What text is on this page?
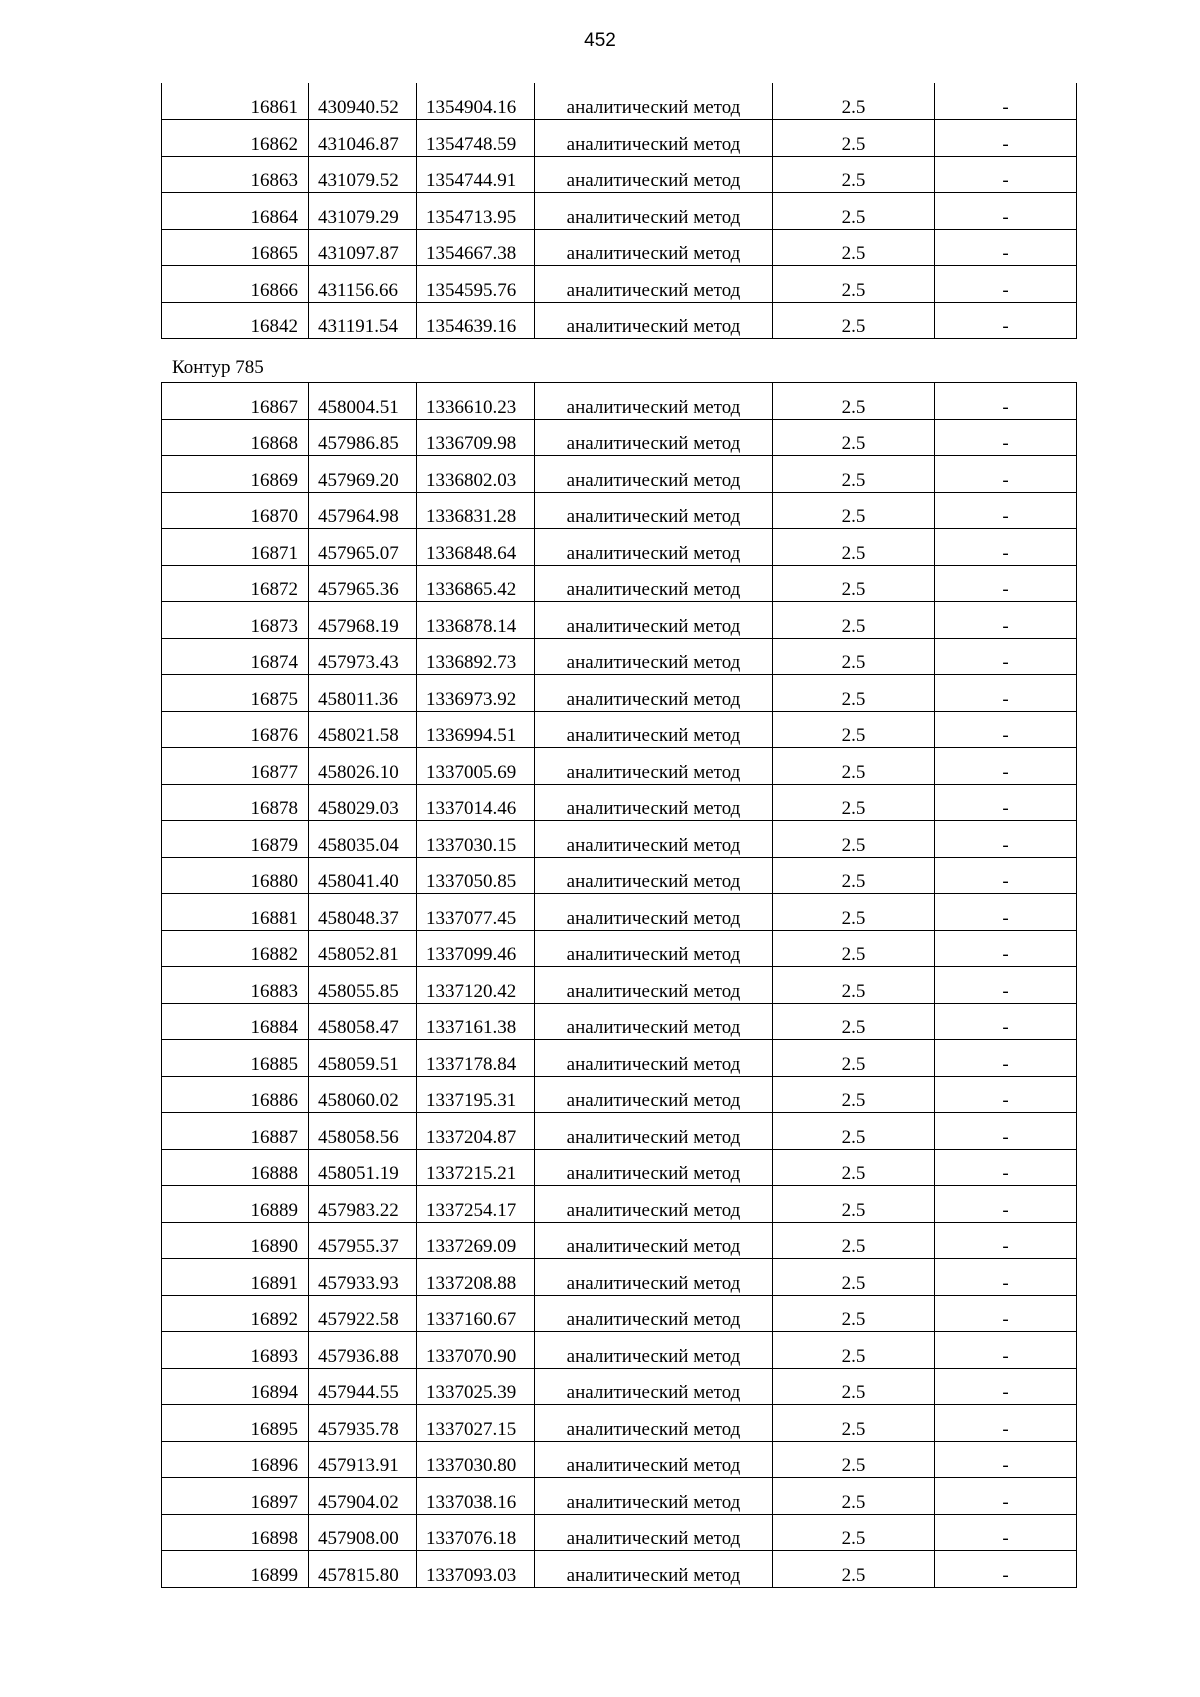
452
16861	430940.52	1354904.16	аналитический метод	2.5	-
16862	431046.87	1354748.59	аналитический метод	2.5	-
16863	431079.52	1354744.91	аналитический метод	2.5	-
16864	431079.29	1354713.95	аналитический метод	2.5	-
16865	431097.87	1354667.38	аналитический метод	2.5	-
16866	431156.66	1354595.76	аналитический метод	2.5	-
16842	431191.54	1354639.16	аналитический метод	2.5	-
Контур 785
16867	458004.51	1336610.23	аналитический метод	2.5	-
16868	457986.85	1336709.98	аналитический метод	2.5	-
16869	457969.20	1336802.03	аналитический метод	2.5	-
16870	457964.98	1336831.28	аналитический метод	2.5	-
16871	457965.07	1336848.64	аналитический метод	2.5	-
16872	457965.36	1336865.42	аналитический метод	2.5	-
16873	457968.19	1336878.14	аналитический метод	2.5	-
16874	457973.43	1336892.73	аналитический метод	2.5	-
16875	458011.36	1336973.92	аналитический метод	2.5	-
16876	458021.58	1336994.51	аналитический метод	2.5	-
16877	458026.10	1337005.69	аналитический метод	2.5	-
16878	458029.03	1337014.46	аналитический метод	2.5	-
16879	458035.04	1337030.15	аналитический метод	2.5	-
16880	458041.40	1337050.85	аналитический метод	2.5	-
16881	458048.37	1337077.45	аналитический метод	2.5	-
16882	458052.81	1337099.46	аналитический метод	2.5	-
16883	458055.85	1337120.42	аналитический метод	2.5	-
16884	458058.47	1337161.38	аналитический метод	2.5	-
16885	458059.51	1337178.84	аналитический метод	2.5	-
16886	458060.02	1337195.31	аналитический метод	2.5	-
16887	458058.56	1337204.87	аналитический метод	2.5	-
16888	458051.19	1337215.21	аналитический метод	2.5	-
16889	457983.22	1337254.17	аналитический метод	2.5	-
16890	457955.37	1337269.09	аналитический метод	2.5	-
16891	457933.93	1337208.88	аналитический метод	2.5	-
16892	457922.58	1337160.67	аналитический метод	2.5	-
16893	457936.88	1337070.90	аналитический метод	2.5	-
16894	457944.55	1337025.39	аналитический метод	2.5	-
16895	457935.78	1337027.15	аналитический метод	2.5	-
16896	457913.91	1337030.80	аналитический метод	2.5	-
16897	457904.02	1337038.16	аналитический метод	2.5	-
16898	457908.00	1337076.18	аналитический метод	2.5	-
16899	457815.80	1337093.03	аналитический метод	2.5	-
